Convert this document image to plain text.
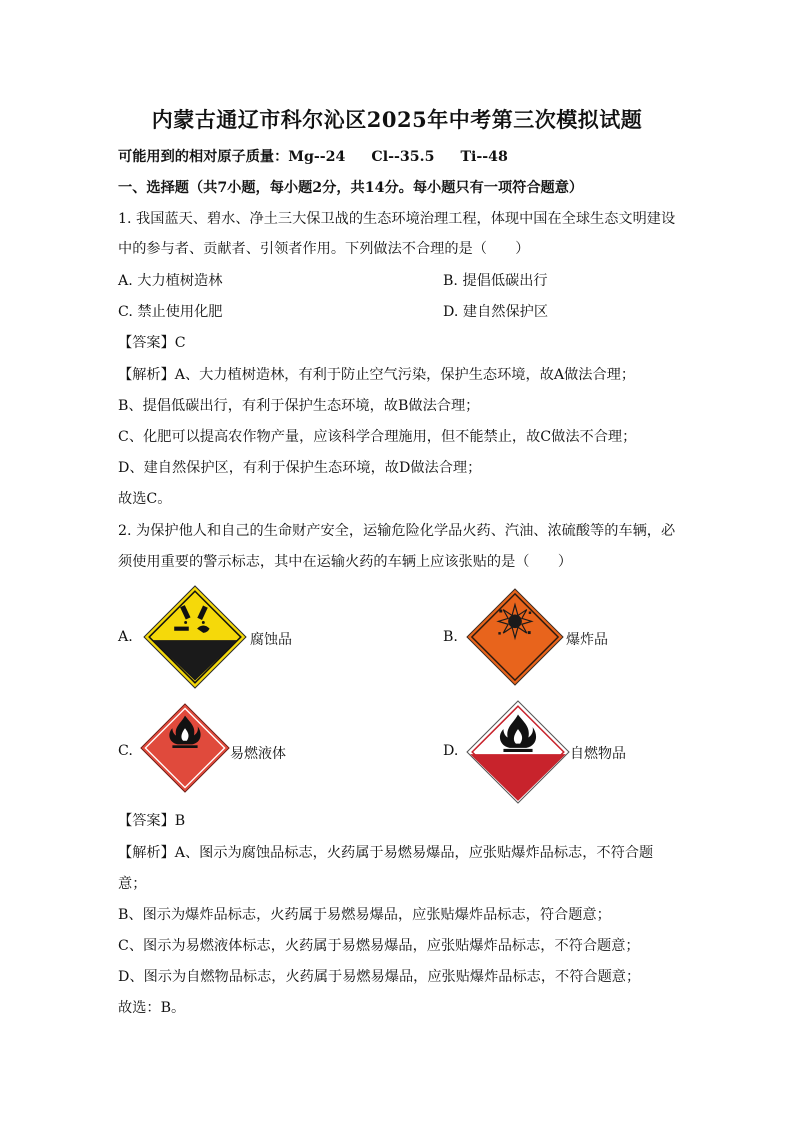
内蒙古通辽市科尔沁区2025年中考第三次模拟试题
可能用到的相对原子质量：Mg--24 Cl--35.5 Ti--48
一、选择题（共7小题，每小题2分，共14分。每小题只有一项符合题意）
1. 我国蓝天、碧水、净土三大保卫战的生态环境治理工程，体现中国在全球生态文明建设
中的参与者、贡献者、引领者作用。下列做法不合理的是（　　）
A. 大力植树造林	B. 提倡低碳出行
C. 禁止使用化肥	D. 建自然保护区
【答案】C
【解析】A、大力植树造林，有利于防止空气污染，保护生态环境，故A做法合理；
B、提倡低碳出行，有利于保护生态环境，故B做法合理；
C、化肥可以提高农作物产量，应该科学合理施用，但不能禁止，故C做法不合理；
D、建自然保护区，有利于保护生态环境，故D做法合理；
故选C。
2. 为保护他人和自己的生命财产安全，运输危险化学品火药、汽油、浓硫酸等的车辆，必
须使用重要的警示标志，其中在运输火药的车辆上应该张贴的是（　　）
A.	腐蚀品	B.	爆炸品
C.	易燃液体	D.	自燃物品
【答案】B
【解析】A、图示为腐蚀品标志，火药属于易燃易爆品，应张贴爆炸品标志，不符合题
意；
B、图示为爆炸品标志，火药属于易燃易爆品，应张贴爆炸品标志，符合题意；
C、图示为易燃液体标志，火药属于易燃易爆品，应张贴爆炸品标志，不符合题意；
D、图示为自燃物品标志，火药属于易燃易爆品，应张贴爆炸品标志，不符合题意；
故选：B。
